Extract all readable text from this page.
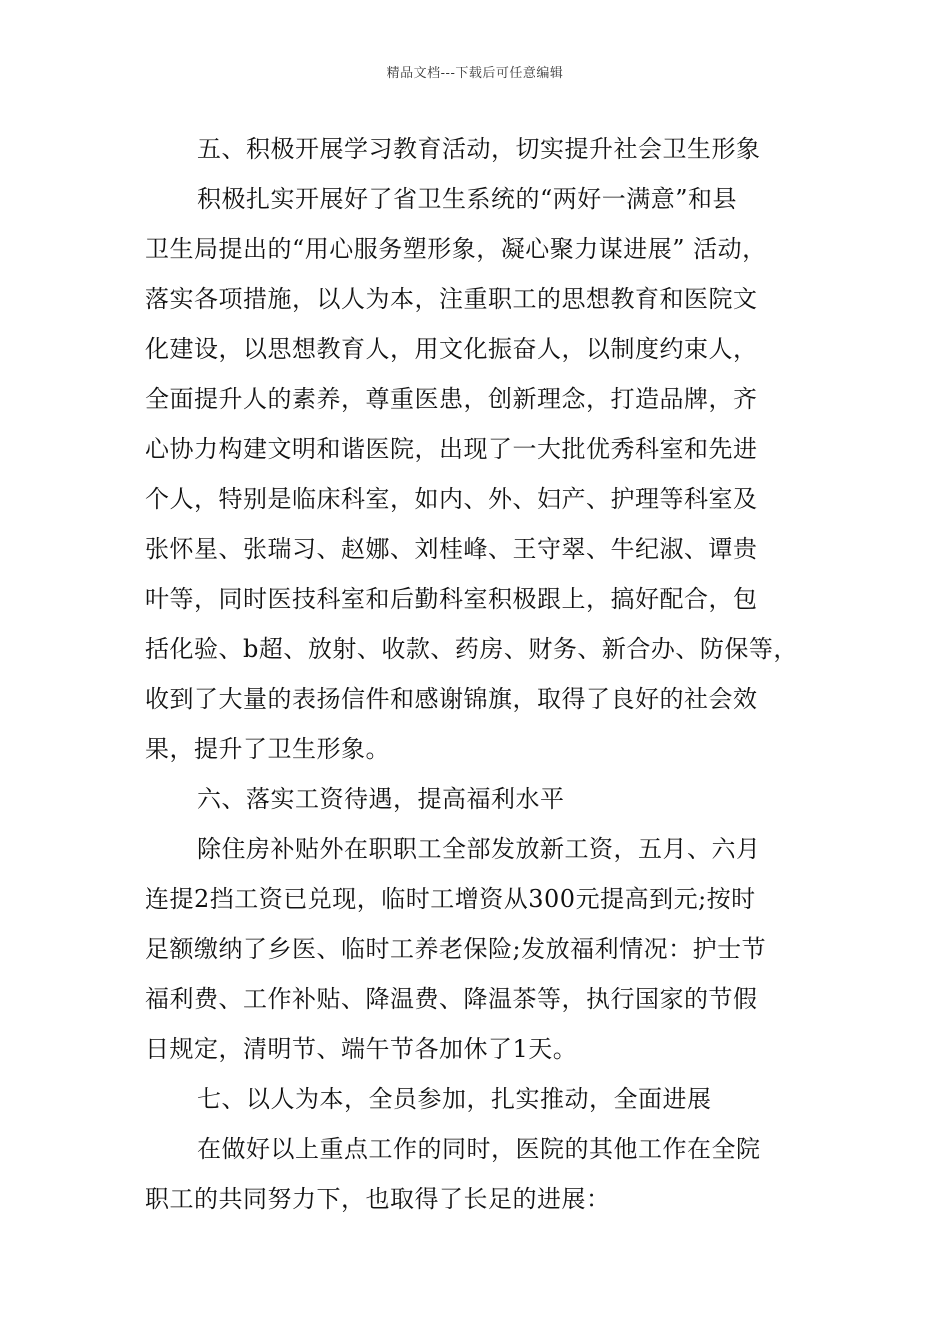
精品文档---下载后可任意编辑
五、积极开展学习教育活动，切实提升社会卫生形象
积极扎实开展好了省卫生系统的“两好一满意”和县
卫生局提出的“用心服务塑形象，凝心聚力谋进展” 活动，
落实各项措施，以人为本，注重职工的思想教育和医院文
化建设，以思想教育人，用文化振奋人，以制度约束人，
全面提升人的素养，尊重医患，创新理念，打造品牌，齐
心协力构建文明和谐医院，出现了一大批优秀科室和先进
个人，特别是临床科室，如内、外、妇产、护理等科室及
张怀星、张瑞习、赵娜、刘桂峰、王守翠、牛纪淑、谭贵
叶等，同时医技科室和后勤科室积极跟上，搞好配合，包
括化验、b超、放射、收款、药房、财务、新合办、防保等，
收到了大量的表扬信件和感谢锦旗，取得了良好的社会效
果，提升了卫生形象。
六、落实工资待遇，提高福利水平
除住房补贴外在职职工全部发放新工资，五月、六月
连提2挡工资已兑现，临时工增资从300元提高到元;按时
足额缴纳了乡医、临时工养老保险;发放福利情况：护士节
福利费、工作补贴、降温费、降温茶等，执行国家的节假
日规定，清明节、端午节各加休了1天。
七、以人为本，全员参加，扎实推动，全面进展
在做好以上重点工作的同时，医院的其他工作在全院
职工的共同努力下，也取得了长足的进展：
